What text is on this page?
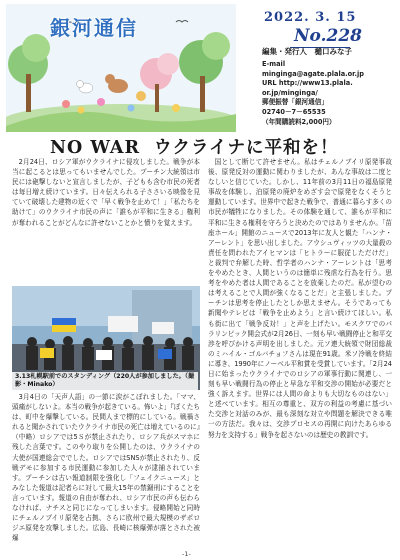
銀河通信	2022. 3. 15
No.228
編集・発行人　樋口みな子
E-mail
mingingа@agate.plala.or.jp
URL http://www13.plala.
or.jp/minginga/
郵便振替「銀河通信」
02740－7－65535
（年間購読料2,000円）
NO WAR ウクライナに平和を！

2月24日、ロシア軍がウクライナに侵攻しました。戦争が本当に起こるとは思ってもいませんでした。プーチン大統領は市民には砲撃しないと宣言しましたが、子どもも含む市民の死者は毎日増え続けています。日々伝えられる子ささいる映像を見ていて破壊した建物の近くで「早く戦争を止めて！」「私たちを助けて」のウクライナ市民の声に「誰もが平和に生きる」権利が奪われることがどんなに許せないことかと憤りを覚えます。

3.13札幌駅前でのスタンディング（220人が参加しました。（撮影・Minako）

3月4日の「天声人語」の一節に涙がこぼれました。「ママ、頭痛がしないよ。本当の戦争が起きている。怖いよ」『ぼくたちは、町中を爆撃している。民間人まで標的にしている。戦禍されると聞かされていたウクライナ市民の死亡は増えているのに』（中略）ロシアでは5Ｓが禁止されたり、ロシア兵がスマホに残した言葉です。このやり取りを公開したのは、ウクライナの大使が国連総会ででした。ロシアではSNSが禁止されたり、反戦デモに参加する市民運動に参加した人々が逮捕されています。プーチンは古い報道制限を強化し「フェイクニュース」とみなした報道は記者らに対して最大15年の禁錮刑にすることを言っています。報道の自由が奪われ、ロシア市民の声も伝わらなければ、ナチスと同じになってしまいます。侵略開始と同時にチェルノブイリ原発を占拠、さらに欧州で最大規模のザポロジエ原発を攻撃しました。広島、長崎に核爆弾が落とされた被爆

国として断じて許せません。私はチェルノブイリ原発事故後、原発反対の運動に関わりましたが、あんな事故は二度となしいと信じていた。しかし、11年前の3月11日の福島原発事故を体験し、泊原発の廃炉をめざす会で原発をなくそうと運動しています。世界中で起きた戦争で、普通に暮らす多くの市民が犠牲になりました。その体験を通して、誰もが平和に平和に生きる権利を守ろうと決めたのではありませんか。「苗座ホール」開館のニュースで2013年に友人と観た「ハンナ・アーレント」を思い出しました。アウシュヴィッツの大量殺の責任を問われたアイヒマンは「ヒトラーに服従しただけだ」と裁判で弁解した時、哲学者のハンナ・アーレントは「思考をやめたとき、人間というのは簡単に残虐な行為を行う。思考をやめた者は人間であることを放棄したのだ。私が望むのは考えることで人間が強くなることだ」と主張しました。プーチンは思考を停止したとしか思えません。そうであっても新聞やテレビは「戦争を止めよう」と言い続けてほしい。私も街に出て「戦争反対！」と声を上げたい。モスクワでのパラリンピック開会式が2月26日、一刻も早い戦闘停止と和平交渉を呼びかける声明を出しました。元ソ連大統領で財団総裁のミハイル・ゴルバチョフさんは現在91歳。米ソ冷戦を終結に導き、1990年にノーベル平和賞を受賞しています。「2月24日に始まったウクライナでのロシアの軍事行動に関連し、一刻も早い戦闘行為の停止と早急な平和交渉の開始が必要だと強く訴えます。世界には人間の命よりも大切なものはない」と述べています。相互の尊重と、双方の利益の考慮に基づいた交渉と対話のみが、最も深刻な対立や問題を解決できる唯一の方法だ。我々は、交渉プロセスの再開に向けたあらゆる努力を支持する」戦争を起さないのは歴史の教訓です。

-1-
